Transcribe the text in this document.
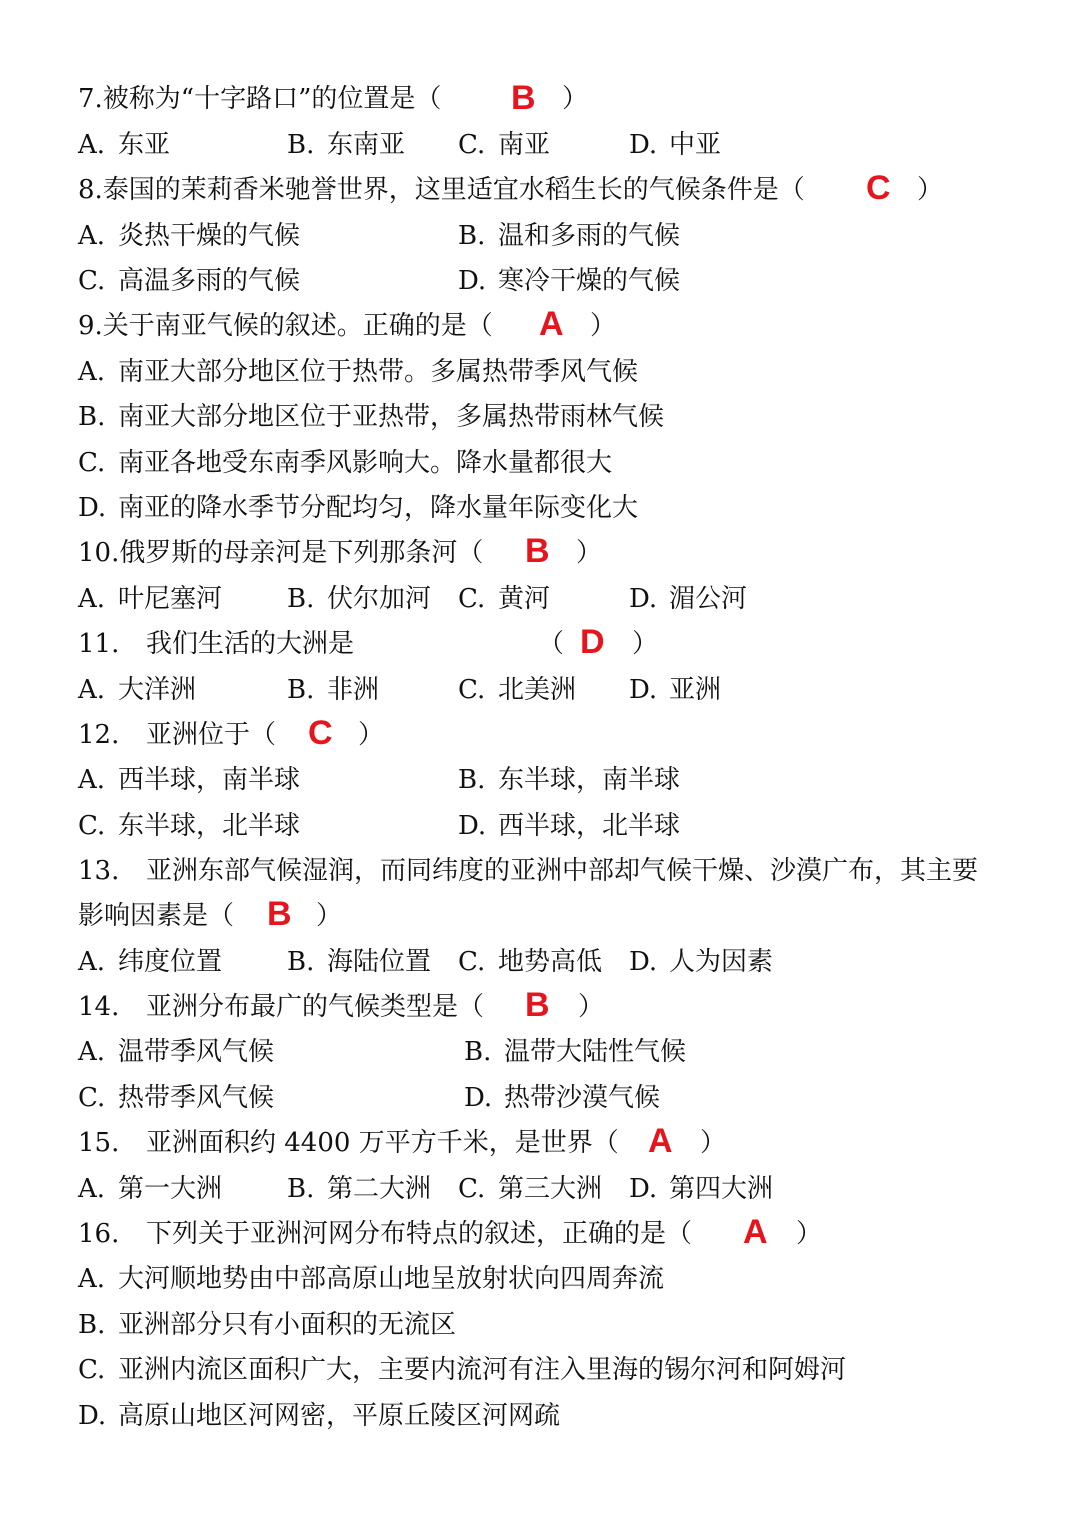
7.被称为“十字路口”的位置是（ B ）
A. 东亚	B. 东南亚 C. 南亚	D. 中亚
8.泰国的茉莉香米驰誉世界，这里适宜水稻生长的气候条件是（ C ）
A. 炎热干燥的气候	B. 温和多雨的气候
C. 高温多雨的气候	D. 寒冷干燥的气候
9.关于南亚气候的叙述。正确的是（ A ）
A. 南亚大部分地区位于热带。多属热带季风气候
B. 南亚大部分地区位于亚热带，多属热带雨林气候
C. 南亚各地受东南季风影响大。降水量都很大
D. 南亚的降水季节分配均匀，降水量年际变化大
10.俄罗斯的母亲河是下列那条河（ B ）
A. 叶尼塞河 B. 伏尔加河 C. 黄河	D. 湄公河
11. 我们生活的大洲是	（ D ）
A. 大洋洲	B. 非洲	C. 北美洲 D. 亚洲
12. 亚洲位于（ C ）
A. 西半球，南半球	B. 东半球，南半球
C. 东半球，北半球	D. 西半球，北半球
13. 亚洲东部气候湿润，而同纬度的亚洲中部却气候干燥、沙漠广布，其主要
影响因素是（ B ）
A. 纬度位置 B. 海陆位置 C. 地势高低 D. 人为因素
14. 亚洲分布最广的气候类型是（ B ）
A. 温带季风气候	B. 温带大陆性气候
C. 热带季风气候	D. 热带沙漠气候
15. 亚洲面积约 4400 万平方千米，是世界（ A ）
A. 第一大洲 B. 第二大洲 C. 第三大洲 D. 第四大洲
16. 下列关于亚洲河网分布特点的叙述，正确的是（ A ）
A. 大河顺地势由中部高原山地呈放射状向四周奔流
B. 亚洲部分只有小面积的无流区
C. 亚洲内流区面积广大，主要内流河有注入里海的锡尔河和阿姆河
D. 高原山地区河网密，平原丘陵区河网疏
